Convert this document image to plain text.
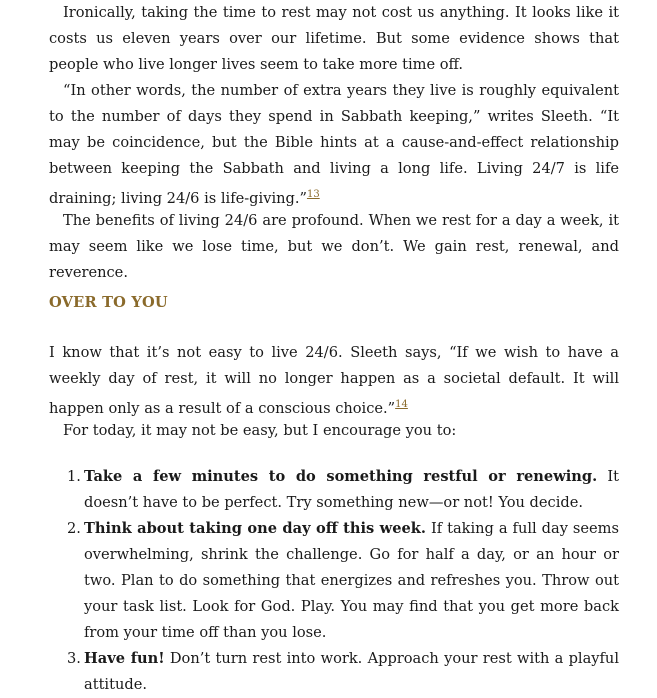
Ironically, taking the time to rest may not cost us anything. It looks like it costs us eleven years over our lifetime. But some evidence shows that people who live longer lives seem to take more time off.

“In other words, the number of extra years they live is roughly equivalent to the number of days they spend in Sabbath keeping,” writes Sleeth. “It may be coincidence, but the Bible hints at a cause-and-effect relationship between keeping the Sabbath and living a long life. Living 24/7 is life draining; living 24/6 is life-giving.”$^{13}$

The benefits of living 24/6 are profound. When we rest for a day a week, it may seem like we lose time, but we don’t. We gain rest, renewal, and reverence.

OVER TO YOU

I know that it’s not easy to live 24/6. Sleeth says, “If we wish to have a weekly day of rest, it will no longer happen as a societal default. It will happen only as a result of a conscious choice.”$^{14}$

For today, it may not be easy, but I encourage you to:

1. Take a few minutes to do something restful or renewing. It doesn’t have to be perfect. Try something new—or not! You decide.
2. Think about taking one day off this week. If taking a full day seems overwhelming, shrink the challenge. Go for half a day, or an hour or two. Plan to do something that energizes and refreshes you. Throw out your task list. Look for God. Play. You may find that you get more back from your time off than you lose.
3. Have fun! Don’t turn rest into work. Approach your rest with a playful attitude.
